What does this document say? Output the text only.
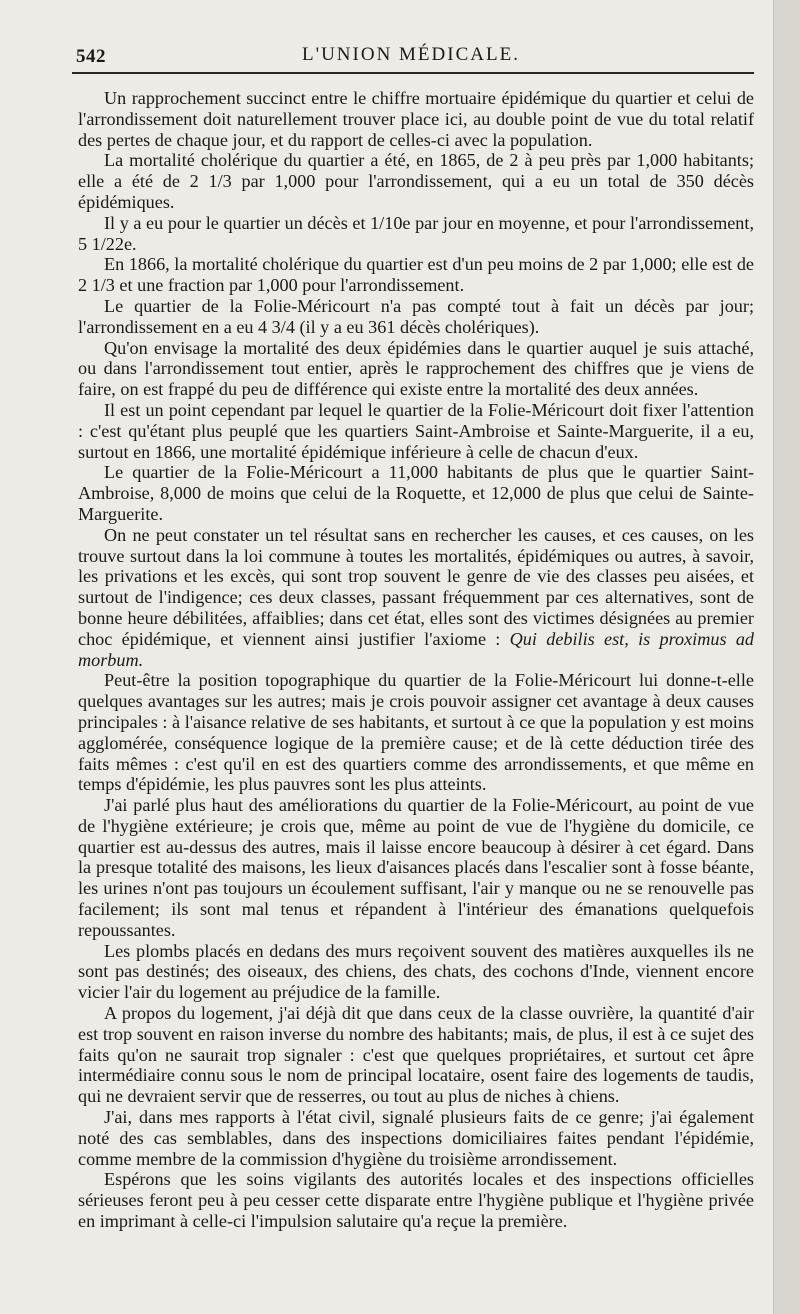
542	L'UNION MÉDICALE.

Un rapprochement succinct entre le chiffre mortuaire épidémique du quartier et celui de l'arrondissement doit naturellement trouver place ici, au double point de vue du total relatif des pertes de chaque jour, et du rapport de celles-ci avec la population.

La mortalité cholérique du quartier a été, en 1865, de 2 à peu près par 1,000 habitants; elle a été de 2 1/3 par 1,000 pour l'arrondissement, qui a eu un total de 350 décès épidémiques.

Il y a eu pour le quartier un décès et 1/10e par jour en moyenne, et pour l'arrondissement, 5 1/22e.

En 1866, la mortalité cholérique du quartier est d'un peu moins de 2 par 1,000; elle est de 2 1/3 et une fraction par 1,000 pour l'arrondissement.

Le quartier de la Folie-Méricourt n'a pas compté tout à fait un décès par jour; l'arrondissement en a eu 4 3/4 (il y a eu 361 décès cholériques).

Qu'on envisage la mortalité des deux épidémies dans le quartier auquel je suis attaché, ou dans l'arrondissement tout entier, après le rapprochement des chiffres que je viens de faire, on est frappé du peu de différence qui existe entre la mortalité des deux années.

Il est un point cependant par lequel le quartier de la Folie-Méricourt doit fixer l'attention : c'est qu'étant plus peuplé que les quartiers Saint-Ambroise et Sainte-Marguerite, il a eu, surtout en 1866, une mortalité épidémique inférieure à celle de chacun d'eux.

Le quartier de la Folie-Méricourt a 11,000 habitants de plus que le quartier Saint-Ambroise, 8,000 de moins que celui de la Roquette, et 12,000 de plus que celui de Sainte-Marguerite.

On ne peut constater un tel résultat sans en rechercher les causes, et ces causes, on les trouve surtout dans la loi commune à toutes les mortalités, épidémiques ou autres, à savoir, les privations et les excès, qui sont trop souvent le genre de vie des classes peu aisées, et surtout de l'indigence; ces deux classes, passant fréquemment par ces alternatives, sont de bonne heure débilitées, affaiblies; dans cet état, elles sont des victimes désignées au premier choc épidémique, et viennent ainsi justifier l'axiome : Qui debilis est, is proximus ad morbum.

Peut-être la position topographique du quartier de la Folie-Méricourt lui donne-t-elle quelques avantages sur les autres; mais je crois pouvoir assigner cet avantage à deux causes principales : à l'aisance relative de ses habitants, et surtout à ce que la population y est moins agglomérée, conséquence logique de la première cause; et de là cette déduction tirée des faits mêmes : c'est qu'il en est des quartiers comme des arrondissements, et que même en temps d'épidémie, les plus pauvres sont les plus atteints.

J'ai parlé plus haut des améliorations du quartier de la Folie-Méricourt, au point de vue de l'hygiène extérieure; je crois que, même au point de vue de l'hygiène du domicile, ce quartier est au-dessus des autres, mais il laisse encore beaucoup à désirer à cet égard. Dans la presque totalité des maisons, les lieux d'aisances placés dans l'escalier sont à fosse béante, les urines n'ont pas toujours un écoulement suffisant, l'air y manque ou ne se renouvelle pas facilement; ils sont mal tenus et répandent à l'intérieur des émanations quelquefois repoussantes.

Les plombs placés en dedans des murs reçoivent souvent des matières auxquelles ils ne sont pas destinés; des oiseaux, des chiens, des chats, des cochons d'Inde, viennent encore vicier l'air du logement au préjudice de la famille.

A propos du logement, j'ai déjà dit que dans ceux de la classe ouvrière, la quantité d'air est trop souvent en raison inverse du nombre des habitants; mais, de plus, il est à ce sujet des faits qu'on ne saurait trop signaler : c'est que quelques propriétaires, et surtout cet âpre intermédiaire connu sous le nom de principal locataire, osent faire des logements de taudis, qui ne devraient servir que de resserres, ou tout au plus de niches à chiens.

J'ai, dans mes rapports à l'état civil, signalé plusieurs faits de ce genre; j'ai également noté des cas semblables, dans des inspections domiciliaires faites pendant l'épidémie, comme membre de la commission d'hygiène du troisième arrondissement.

Espérons que les soins vigilants des autorités locales et des inspections officielles sérieuses feront peu à peu cesser cette disparate entre l'hygiène publique et l'hygiène privée en imprimant à celle-ci l'impulsion salutaire qu'a reçue la première.
